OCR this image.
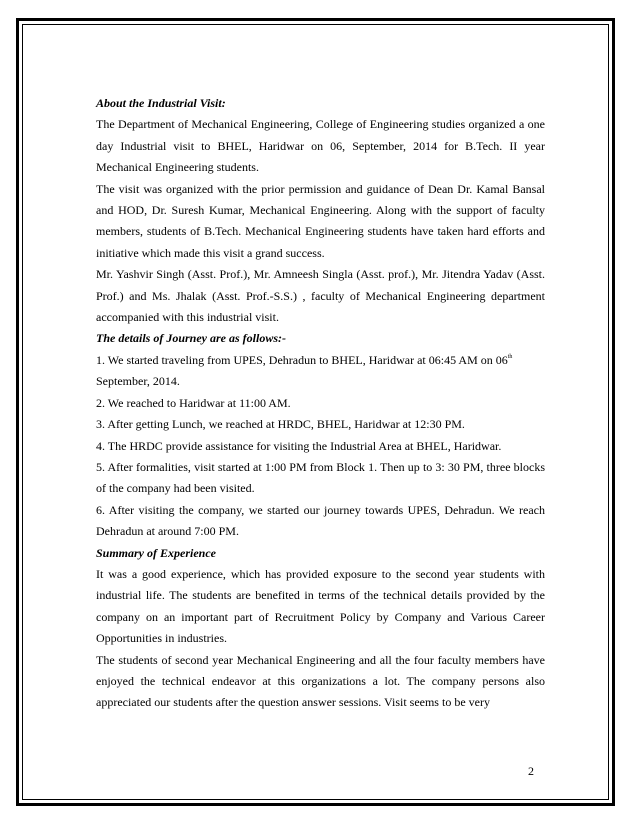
About the Industrial Visit:
The Department of Mechanical Engineering, College of Engineering studies organized a one day Industrial visit to BHEL, Haridwar on 06, September, 2014 for B.Tech. II year Mechanical Engineering students.
The visit was organized with the prior permission and guidance of Dean Dr. Kamal Bansal and HOD, Dr. Suresh Kumar, Mechanical Engineering. Along with the support of faculty members, students of B.Tech. Mechanical Engineering students have taken hard efforts and initiative which made this visit a grand success.
Mr. Yashvir Singh (Asst. Prof.), Mr. Amneesh Singla (Asst. prof.), Mr. Jitendra Yadav (Asst. Prof.) and Ms. Jhalak (Asst. Prof.-S.S.) , faculty of Mechanical Engineering department accompanied with this industrial visit.
The details of Journey are as follows:-
1. We started traveling from UPES, Dehradun to BHEL, Haridwar at 06:45 AM on 06th
September, 2014.
2. We reached to Haridwar at 11:00 AM.
3. After getting Lunch, we reached at HRDC, BHEL, Haridwar at 12:30 PM.
4. The HRDC provide assistance for visiting the Industrial Area at BHEL, Haridwar.
5. After formalities, visit started at 1:00 PM from Block 1. Then up to 3: 30 PM, three blocks of the company had been visited.
6. After visiting the company, we started our journey towards UPES, Dehradun. We reach Dehradun at around 7:00 PM.
Summary of Experience
It was a good experience, which has provided exposure to the second year students with industrial life. The students are benefited in terms of the technical details provided by the company on an important part of Recruitment Policy by Company and Various Career Opportunities in industries.
The students of second year Mechanical Engineering and all the four faculty members have enjoyed the technical endeavor at this organizations a lot. The company persons also appreciated our students after the question answer sessions. Visit seems to be very
2
